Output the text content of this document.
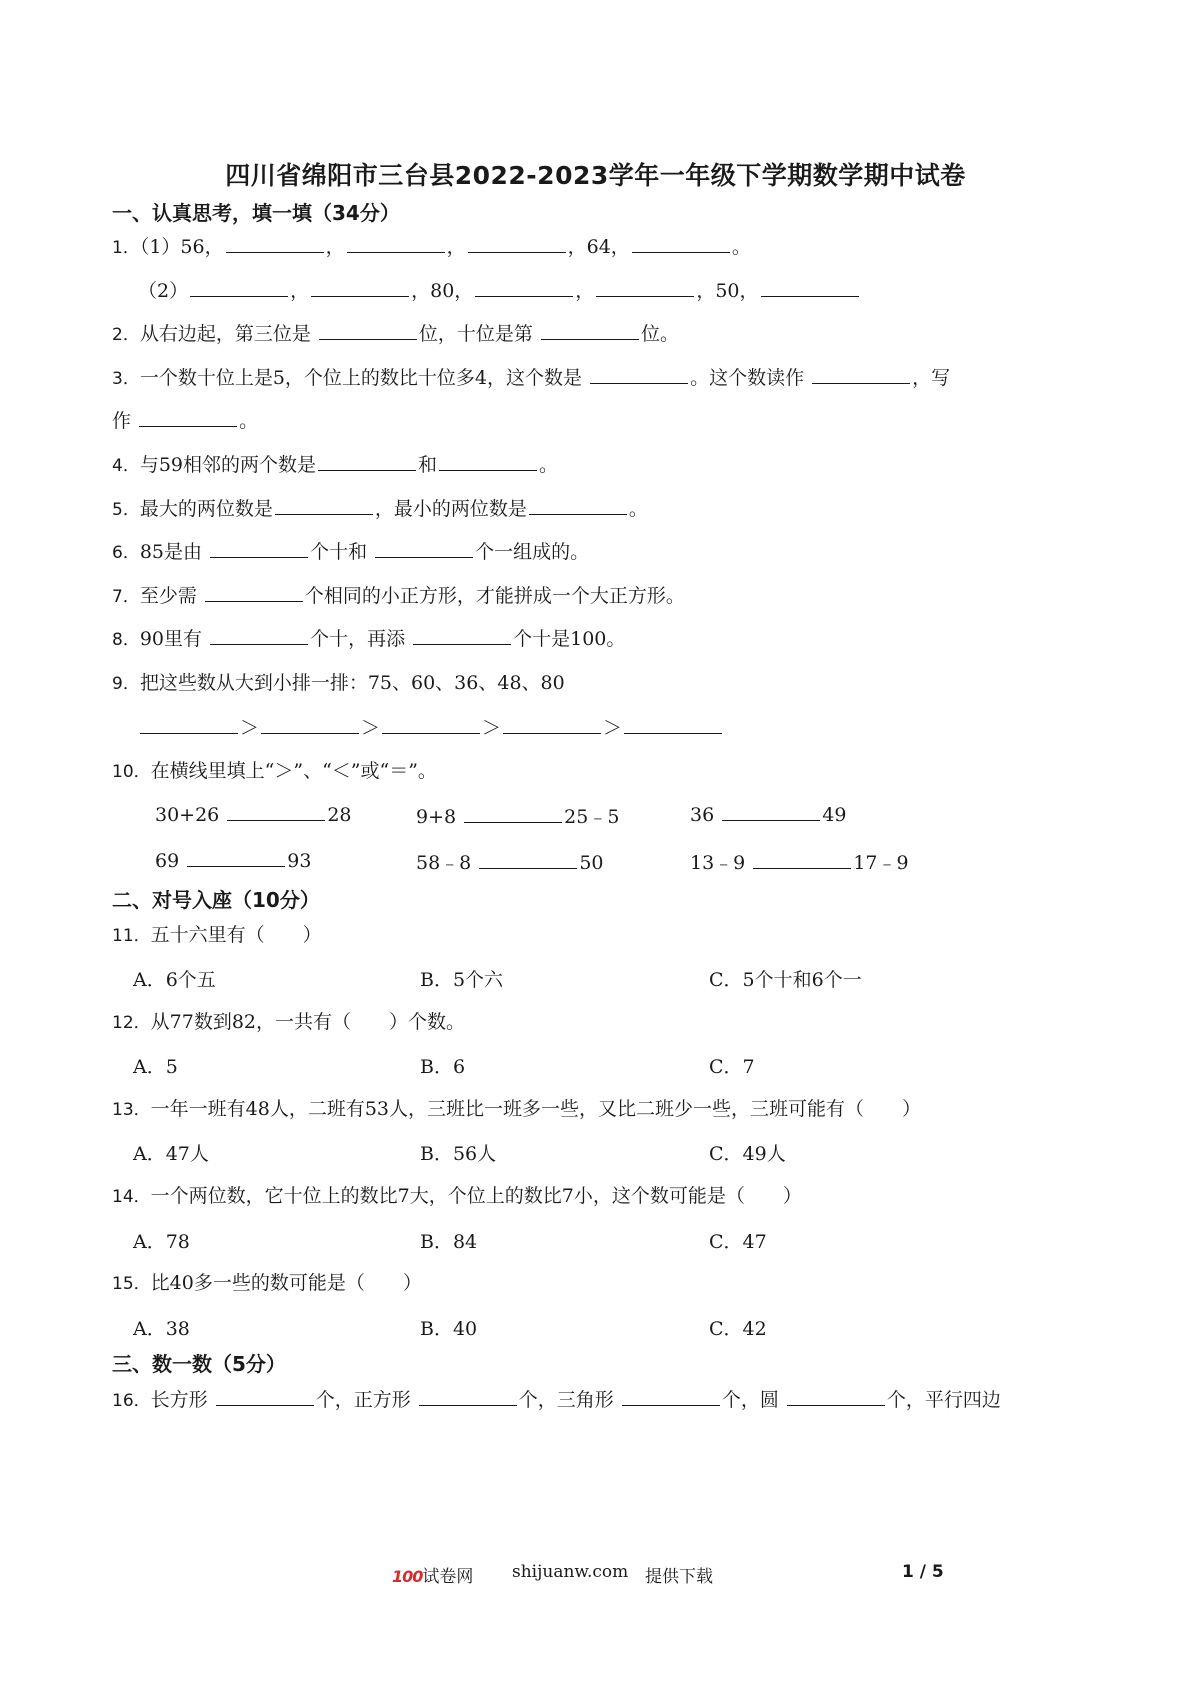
四川省绵阳市三台县2022-2023学年一年级下学期数学期中试卷
一、认真思考，填一填（34分）
1．（1）56，	，	，	，64，	。
（2）	，	，80，	，	，50，
2．从右边起，第三位是	位，十位是第	位。
3．一个数十位上是5，个位上的数比十位多4，这个数是	。这个数读作	，写
作	。
4．与59相邻的两个数是	和	。
5．最大的两位数是	，最小的两位数是	。
6．85是由	个十和	个一组成的。
7．至少需	个相同的小正方形，才能拼成一个大正方形。
8．90里有	个十，再添	个十是100。
9．把这些数从大到小排一排：75、60、36、48、80
＞	＞	＞	＞
10．在横线里填上“＞”、“＜”或“＝”。
30+26	28	9+8	25﹣5	36	49
69	93	58﹣8	50	13﹣9	17﹣9
二、对号入座（10分）
11．五十六里有（　　）
A．6个五	B．5个六	C．5个十和6个一
12．从77数到82，一共有（　　）个数。
A．5	B．6	C．7
13．一年一班有48人，二班有53人，三班比一班多一些，又比二班少一些，三班可能有（　　）
A．47人	B．56人	C．49人
14．一个两位数，它十位上的数比7大，个位上的数比7小，这个数可能是（　　）
A．78	B．84	C．47
15．比40多一些的数可能是（　　）
A．38	B．40	C．42
三、数一数（5分）
16．长方形	个，正方形	个，三角形	个，圆	个，平行四边
100试卷网 shijuanw.com 提供下载	1 / 5
